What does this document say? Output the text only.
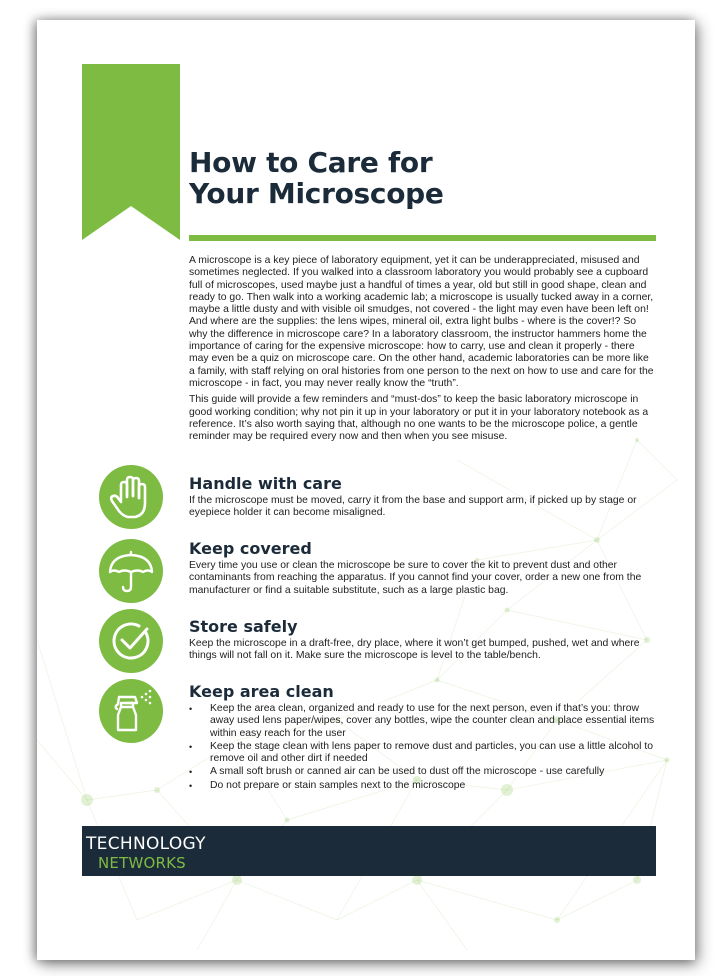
How to Care for
Your Microscope

A microscope is a key piece of laboratory equipment, yet it can be underappreciated, misused and sometimes neglected. If you walked into a classroom laboratory you would probably see a cupboard full of microscopes, used maybe just a handful of times a year, old but still in good shape, clean and ready to go. Then walk into a working academic lab; a microscope is usually tucked away in a corner, maybe a little dusty and with visible oil smudges, not covered - the light may even have been left on! And where are the supplies: the lens wipes, mineral oil, extra light bulbs - where is the cover!? So why the difference in microscope care? In a laboratory classroom, the instructor hammers home the importance of caring for the expensive microscope: how to carry, use and clean it properly - there may even be a quiz on microscope care. On the other hand, academic laboratories can be more like a family, with staff relying on oral histories from one person to the next on how to use and care for the microscope - in fact, you may never really know the “truth”.

This guide will provide a few reminders and “must-dos” to keep the basic laboratory microscope in good working condition; why not pin it up in your laboratory or put it in your laboratory notebook as a reference. It’s also worth saying that, although no one wants to be the microscope police, a gentle reminder may be required every now and then when you see misuse.

Handle with care

If the microscope must be moved, carry it from the base and support arm, if picked up by stage or eyepiece holder it can become misaligned.

Keep covered

Every time you use or clean the microscope be sure to cover the kit to prevent dust and other contaminants from reaching the apparatus. If you cannot find your cover, order a new one from the manufacturer or find a suitable substitute, such as a large plastic bag.

Store safely

Keep the microscope in a draft-free, dry place, where it won’t get bumped, pushed, wet and where things will not fall on it. Make sure the microscope is level to the table/bench.

Keep area clean
• Keep the area clean, organized and ready to use for the next person, even if that’s you: throw away used lens paper/wipes, cover any bottles, wipe the counter clean and place essential items within easy reach for the user
• Keep the stage clean with lens paper to remove dust and particles, you can use a little alcohol to remove oil and other dirt if needed
• A small soft brush or canned air can be used to dust off the microscope - use carefully
• Do not prepare or stain samples next to the microscope
TECHNOLOGY
NETWORKS
